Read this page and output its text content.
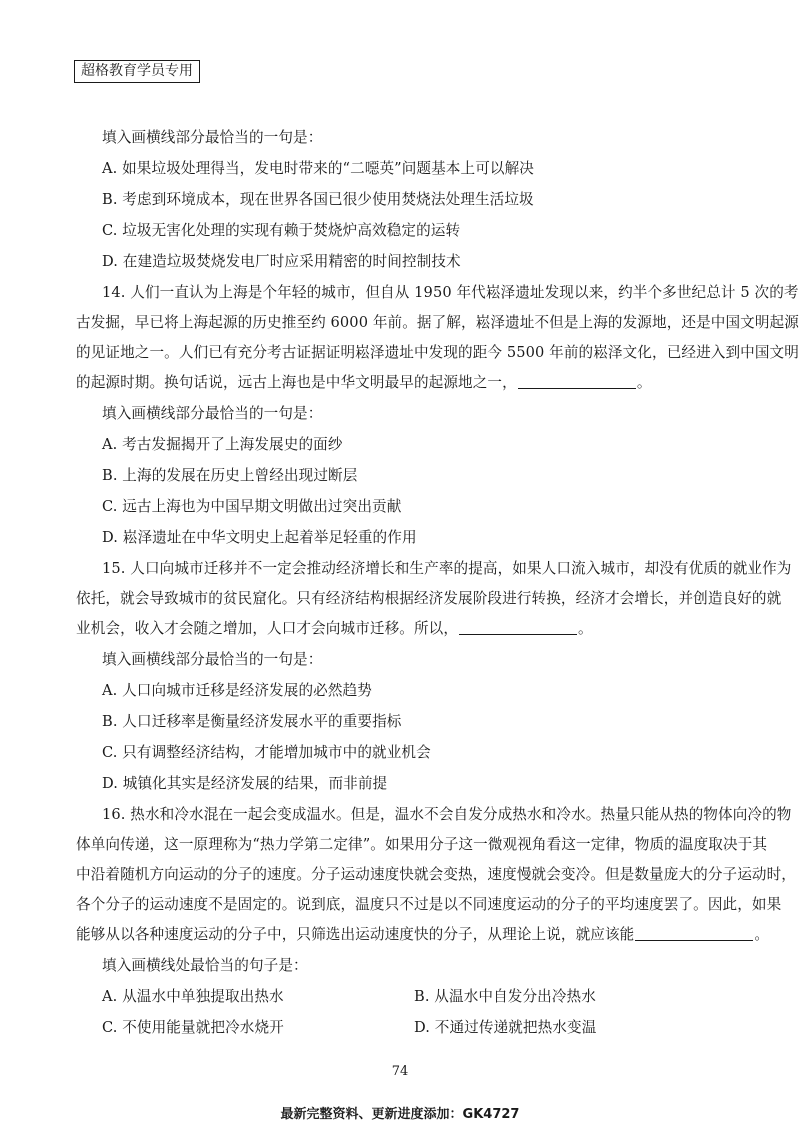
超格教育学员专用
填入画横线部分最恰当的一句是：
A. 如果垃圾处理得当，发电时带来的“二噁英”问题基本上可以解决
B. 考虑到环境成本，现在世界各国已很少使用焚烧法处理生活垃圾
C. 垃圾无害化处理的实现有赖于焚烧炉高效稳定的运转
D. 在建造垃圾焚烧发电厂时应采用精密的时间控制技术
14. 人们一直认为上海是个年轻的城市，但自从 1950 年代崧泽遗址发现以来，约半个多世纪总计 5 次的考
古发掘，早已将上海起源的历史推至约 6000 年前。据了解，崧泽遗址不但是上海的发源地，还是中国文明起源
的见证地之一。人们已有充分考古证据证明崧泽遗址中发现的距今 5500 年前的崧泽文化，已经进入到中国文明
的起源时期。换句话说，远古上海也是中华文明最早的起源地之一，	。
填入画横线部分最恰当的一句是：
A. 考古发掘揭开了上海发展史的面纱
B. 上海的发展在历史上曾经出现过断层
C. 远古上海也为中国早期文明做出过突出贡献
D. 崧泽遗址在中华文明史上起着举足轻重的作用
15. 人口向城市迁移并不一定会推动经济增长和生产率的提高，如果人口流入城市，却没有优质的就业作为
依托，就会导致城市的贫民窟化。只有经济结构根据经济发展阶段进行转换，经济才会增长，并创造良好的就
业机会，收入才会随之增加，人口才会向城市迁移。所以，	。
填入画横线部分最恰当的一句是：
A. 人口向城市迁移是经济发展的必然趋势
B. 人口迁移率是衡量经济发展水平的重要指标
C. 只有调整经济结构，才能增加城市中的就业机会
D. 城镇化其实是经济发展的结果，而非前提
16. 热水和冷水混在一起会变成温水。但是，温水不会自发分成热水和冷水。热量只能从热的物体向冷的物
体单向传递，这一原理称为“热力学第二定律”。如果用分子这一微观视角看这一定律，物质的温度取决于其
中沿着随机方向运动的分子的速度。分子运动速度快就会变热，速度慢就会变冷。但是数量庞大的分子运动时，
各个分子的运动速度不是固定的。说到底，温度只不过是以不同速度运动的分子的平均速度罢了。因此，如果
能够从以各种速度运动的分子中，只筛选出运动速度快的分子，从理论上说，就应该能	。
填入画横线处最恰当的句子是：
A. 从温水中单独提取出热水	B. 从温水中自发分出冷热水
C. 不使用能量就把冷水烧开	D. 不通过传递就把热水变温
74
最新完整资料、更新进度添加：GK4727
